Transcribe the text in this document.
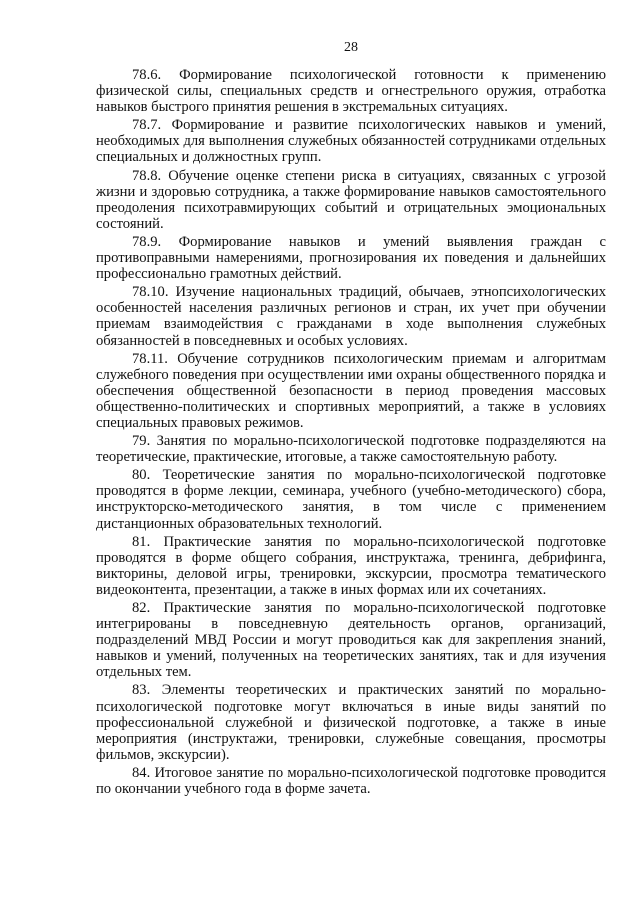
28

78.6. Формирование психологической готовности к применению физической силы, специальных средств и огнестрельного оружия, отработка навыков быстрого принятия решения в экстремальных ситуациях.

78.7. Формирование и развитие психологических навыков и умений, необходимых для выполнения служебных обязанностей сотрудниками отдельных специальных и должностных групп.

78.8. Обучение оценке степени риска в ситуациях, связанных с угрозой жизни и здоровью сотрудника, а также формирование навыков самостоятельного преодоления психотравмирующих событий и отрицательных эмоциональных состояний.

78.9. Формирование навыков и умений выявления граждан с противоправными намерениями, прогнозирования их поведения и дальнейших профессионально грамотных действий.

78.10. Изучение национальных традиций, обычаев, этнопсихологических особенностей населения различных регионов и стран, их учет при обучении приемам взаимодействия с гражданами в ходе выполнения служебных обязанностей в повседневных и особых условиях.

78.11. Обучение сотрудников психологическим приемам и алгоритмам служебного поведения при осуществлении ими охраны общественного порядка и обеспечения общественной безопасности в период проведения массовых общественно-политических и спортивных мероприятий, а также в условиях специальных правовых режимов.

79. Занятия по морально-психологической подготовке подразделяются на теоретические, практические, итоговые, а также самостоятельную работу.

80. Теоретические занятия по морально-психологической подготовке проводятся в форме лекции, семинара, учебного (учебно-методического) сбора, инструкторско-методического занятия, в том числе с применением дистанционных образовательных технологий.

81. Практические занятия по морально-психологической подготовке проводятся в форме общего собрания, инструктажа, тренинга, дебрифинга, викторины, деловой игры, тренировки, экскурсии, просмотра тематического видеоконтента, презентации, а также в иных формах или их сочетаниях.

82. Практические занятия по морально-психологической подготовке интегрированы в повседневную деятельность органов, организаций, подразделений МВД России и могут проводиться как для закрепления знаний, навыков и умений, полученных на теоретических занятиях, так и для изучения отдельных тем.

83. Элементы теоретических и практических занятий по морально-психологической подготовке могут включаться в иные виды занятий по профессиональной служебной и физической подготовке, а также в иные мероприятия (инструктажи, тренировки, служебные совещания, просмотры фильмов, экскурсии).

84. Итоговое занятие по морально-психологической подготовке проводится по окончании учебного года в форме зачета.
